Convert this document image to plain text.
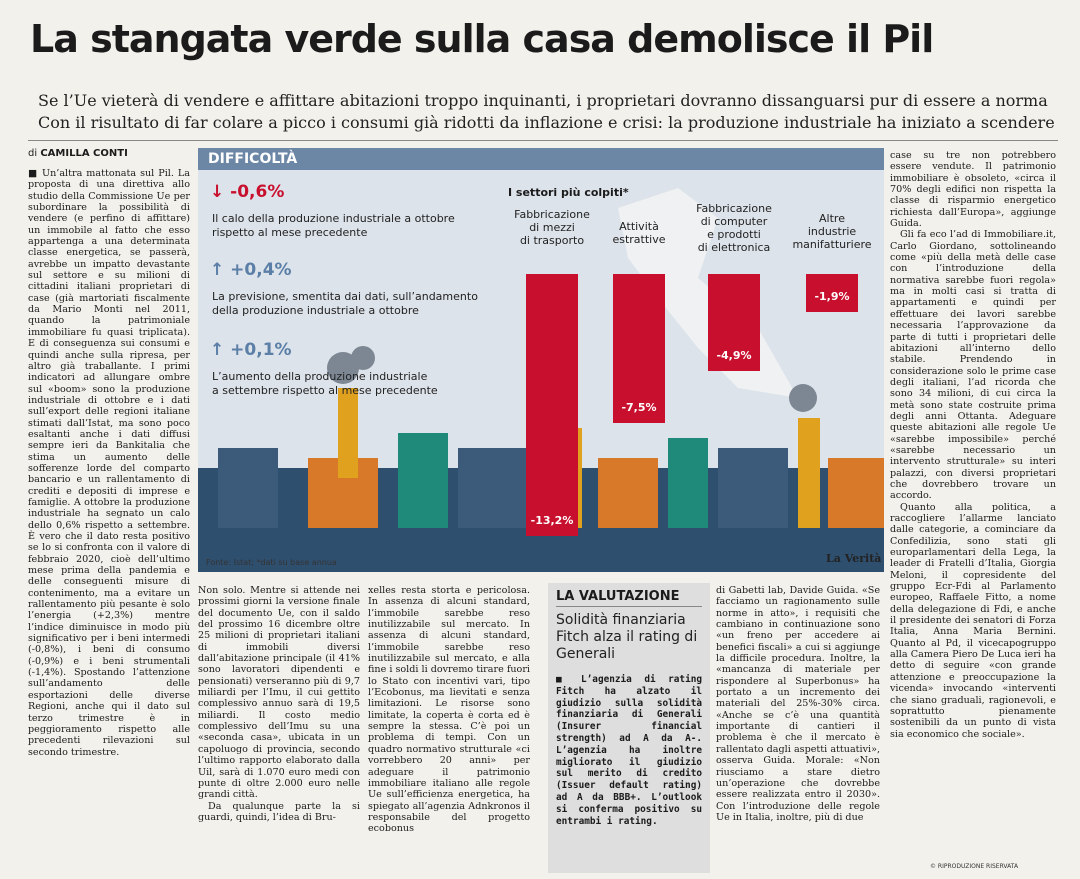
La stangata verde sulla casa demolisce il Pil
Se l’Ue vieterà di vendere e affittare abitazioni troppo inquinanti, i proprietari dovranno dissanguarsi pur di essere a norma
Con il risultato di far colare a picco i consumi già ridotti da inflazione e crisi: la produzione industriale ha iniziato a scendere
di CAMILLA CONTI

■ Un’altra mattonata sul Pil. La proposta di una direttiva allo studio della Commissione Ue per subordinare la possibilità di vendere (e perfino di affittare) un immobile al fatto che esso appartenga a una determinata classe energetica, se passerà, avrebbe un impatto devastante sul settore e su milioni di cittadini italiani proprietari di case (già martoriati fiscalmente da Mario Monti nel 2011, quando la patrimoniale immobiliare fu quasi triplicata). E di conseguenza sui consumi e quindi anche sulla ripresa, per altro già traballante. I primi indicatori ad allungare ombre sul «boom» sono la produzione industriale di ottobre e i dati sull’export delle regioni italiane stimati dall’Istat, ma sono poco esaltanti anche i dati diffusi sempre ieri da Bankitalia che stima un aumento delle sofferenze lorde del comparto bancario e un rallentamento di crediti e depositi di imprese e famiglie. A ottobre la produzione industriale ha segnato un calo dello 0,6% rispetto a settembre. È vero che il dato resta positivo se lo si confronta con il valore di febbraio 2020, cioè dell’ultimo mese prima della pandemia e delle conseguenti misure di contenimento, ma a evitare un rallentamento più pesante è solo l’energia (+2,3%) mentre l’indice diminuisce in modo più significativo per i beni intermedi (-0,8%), i beni di consumo (-0,9%) e i beni strumentali (-1,4%). Spostando l’attenzione sull’andamento delle esportazioni delle diverse Regioni, anche qui il dato sul terzo trimestre è in peggioramento rispetto alle precedenti rilevazioni sul secondo trimestre.

DIFFICOLTÀ
↓ -0,6%
Il calo della produzione industriale a ottobre
rispetto al mese precedente
↑ +0,4%
La previsione, smentita dai dati, sull’andamento
della produzione industriale a ottobre
↑ +0,1%
L’aumento della produzione industriale
a settembre rispetto al mese precedente
I settori più colpiti*
Fabbricazione
di mezzi
di trasporto
Attività
estrattive
Fabbricazione
di computer
e prodotti
di elettronica
Altre
industrie
manifatturiere
-13,2%
-7,5%
-4,9%
-1,9%
Fonte: Istat; *dati su base annua	La Verità

Non solo. Mentre si attende nei prossimi giorni la versione finale del documento Ue, con il saldo del prossimo 16 dicembre oltre 25 milioni di proprietari italiani di immobili diversi dall’abitazione principale (il 41% sono lavoratori dipendenti e pensionati) verseranno più di 9,7 miliardi per l’Imu, il cui gettito complessivo annuo sarà di 19,5 miliardi. Il costo medio complessivo dell’Imu su una «seconda casa», ubicata in un capoluogo di provincia, secondo l’ultimo rapporto elaborato dalla Uil, sarà di 1.070 euro medi con punte di oltre 2.000 euro nelle grandi città.

Da qualunque parte la si guardi, quindi, l’idea di Bru-

xelles resta storta e pericolosa. In assenza di alcuni standard, l’immobile sarebbe reso inutilizzabile sul mercato. In assenza di alcuni standard, l’immobile sarebbe reso inutilizzabile sul mercato, e alla fine i soldi li dovremo tirare fuori lo Stato con incentivi vari, tipo l’Ecobonus, ma lievitati e senza limitazioni. Le risorse sono limitate, la coperta è corta ed è sempre la stessa. C’è poi un problema di tempi. Con un quadro normativo strutturale «ci vorrebbero 20 anni» per adeguare il patrimonio immobiliare italiano alle regole Ue sull’efficienza energetica, ha spiegato all’agenzia Adnkronos il responsabile del progetto ecobonus

LA VALUTAZIONE
Solidità finanziaria Fitch alza il rating di Generali
■ L’agenzia di rating Fitch ha alzato il giudizio sulla solidità finanziaria di Generali (Insurer financial strength) ad A da A-. L’agenzia ha inoltre migliorato il giudizio sul merito di credito (Issuer default rating) ad A da BBB+. L’outlook si conferma positivo su entrambi i rating.

di Gabetti lab, Davide Guida. «Se facciamo un ragionamento sulle norme in atto», i requisiti che cambiano in continuazione sono «un freno per accedere ai benefici fiscali» a cui si aggiunge la difficile procedura. Inoltre, la «mancanza di materiale per rispondere al Superbonus» ha portato a un incremento dei materiali del 25%-30% circa. «Anche se c’è una quantità importante di cantieri il problema è che il mercato è rallentato dagli aspetti attuativi», osserva Guida. Morale: «Non riusciamo a stare dietro un’operazione che dovrebbe essere realizzata entro il 2030». Con l’introduzione delle regole Ue in Italia, inoltre, più di due

case su tre non potrebbero essere vendute. Il patrimonio immobiliare è obsoleto, «circa il 70% degli edifici non rispetta la classe di risparmio energetico richiesta dall’Europa», aggiunge Guida.

Gli fa eco l’ad di Immobiliare.it, Carlo Giordano, sottolineando come «più della metà delle case con l’introduzione della normativa sarebbe fuori regola» ma in molti casi si tratta di appartamenti e quindi per effettuare dei lavori sarebbe necessaria l’approvazione da parte di tutti i proprietari delle abitazioni all’interno dello stabile. Prendendo in considerazione solo le prime case degli italiani, l’ad ricorda che sono 34 milioni, di cui circa la metà sono state costruite prima degli anni Ottanta. Adeguare queste abitazioni alle regole Ue «sarebbe impossibile» perché «sarebbe necessario un intervento strutturale» su interi palazzi, con diversi proprietari che dovrebbero trovare un accordo.

Quanto alla politica, a raccogliere l’allarme lanciato dalle categorie, a cominciare da Confedilizia, sono stati gli europarlamentari della Lega, la leader di Fratelli d’Italia, Giorgia Meloni, il copresidente del gruppo Ecr-Fdi al Parlamento europeo, Raffaele Fitto, a nome della delegazione di Fdi, e anche il presidente dei senatori di Forza Italia, Anna Maria Bernini. Quanto al Pd, il vicecapogruppo alla Camera Piero De Luca ieri ha detto di seguire «con grande attenzione e preoccupazione la vicenda» invocando «interventi che siano graduali, ragionevoli, e soprattutto pienamente sostenibili da un punto di vista sia economico che sociale».

© RIPRODUZIONE RISERVATA
